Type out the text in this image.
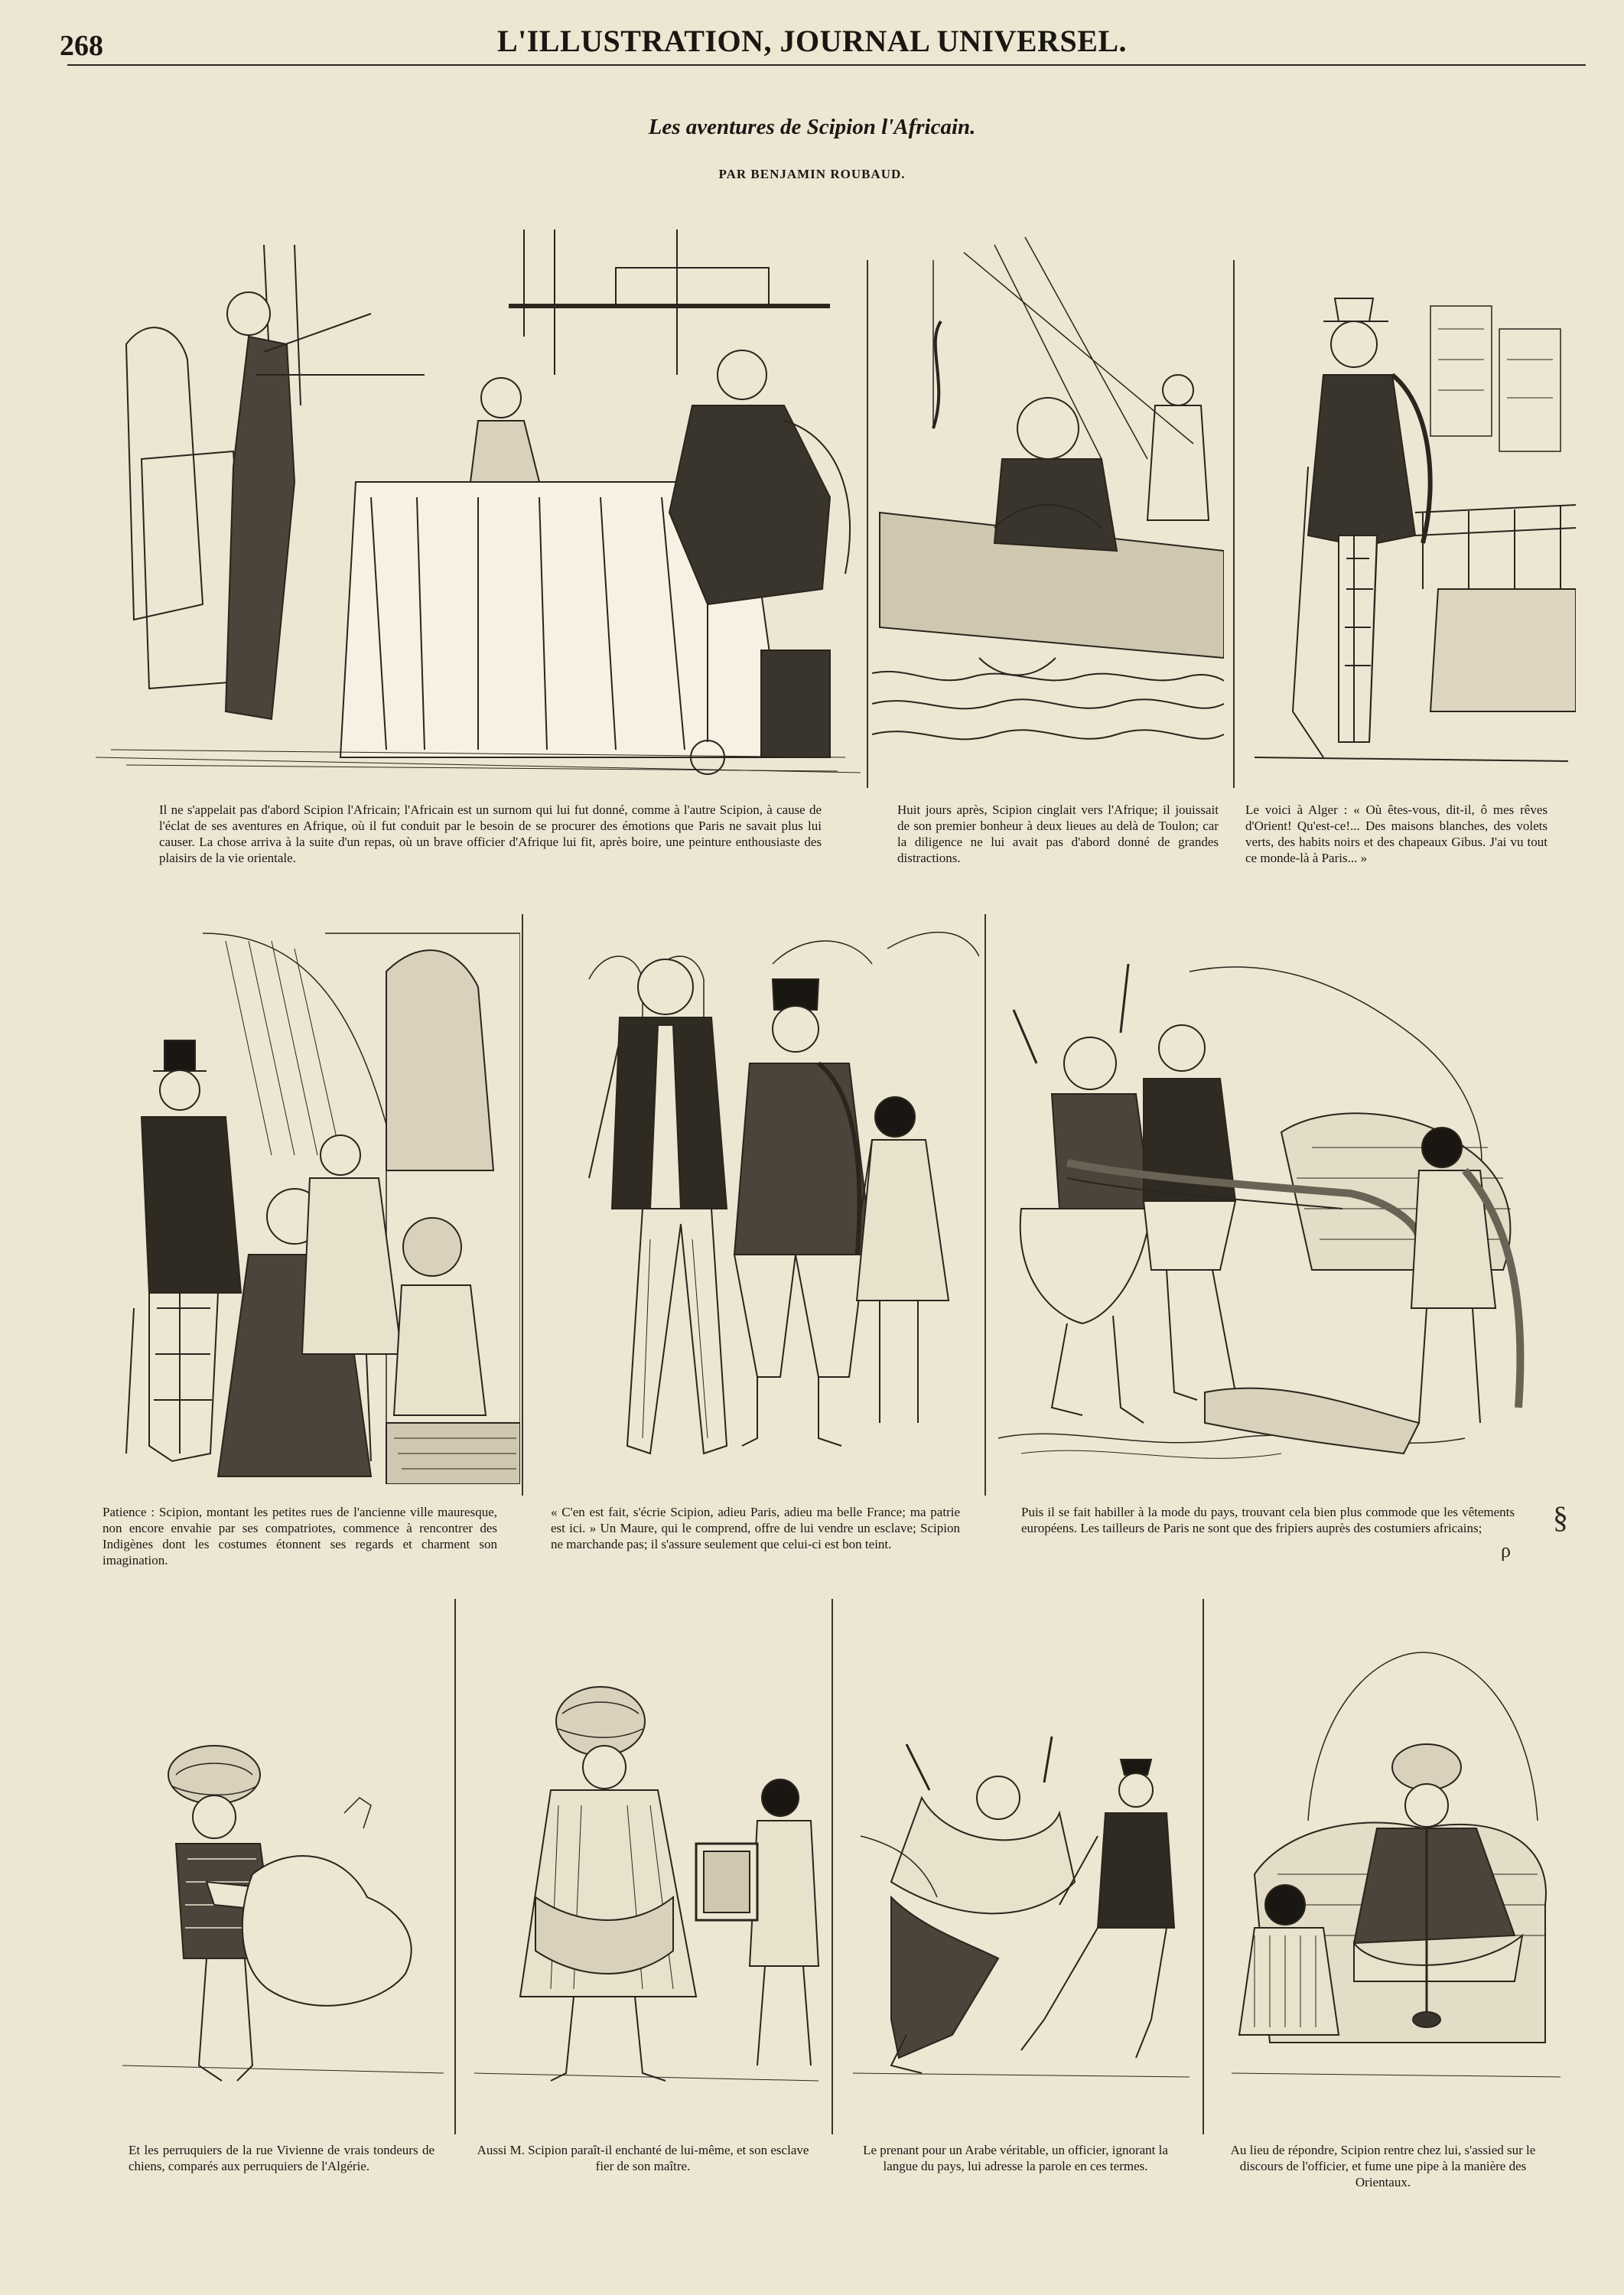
268	L'ILLUSTRATION, JOURNAL UNIVERSEL.
Les aventures de Scipion l'Africain.
PAR BENJAMIN ROUBAUD.
Il ne s'appelait pas d'abord Scipion l'Africain; l'Africain est un surnom qui lui fut donné, comme à l'autre Scipion, à cause de l'éclat de ses aventures en Afrique, où il fut conduit par le besoin de se procurer des émotions que Paris ne savait plus lui causer. La chose arriva à la suite d'un repas, où un brave officier d'Afrique lui fit, après boire, une peinture enthousiaste des plaisirs de la vie orientale.
Huit jours après, Scipion cinglait vers l'Afrique; il jouissait de son premier bonheur à deux lieues au delà de Toulon; car la diligence ne lui avait pas d'abord donné de grandes distractions.
Le voici à Alger : « Où êtes-vous, dit-il, ô mes rêves d'Orient! Qu'est-ce!... Des maisons blanches, des volets verts, des habits noirs et des chapeaux Gibus. J'ai vu tout ce monde-là à Paris... »
Patience : Scipion, montant les petites rues de l'ancienne ville mauresque, non encore envahie par ses compatriotes, commence à rencontrer des Indigènes dont les costumes étonnent ses regards et charment son imagination.
« C'en est fait, s'écrie Scipion, adieu Paris, adieu ma belle France; ma patrie est ici. » Un Maure, qui le comprend, offre de lui vendre un esclave; Scipion ne marchande pas; il s'assure seulement que celui-ci est bon teint.
Puis il se fait habiller à la mode du pays, trouvant cela bien plus commode que les vêtements européens. Les tailleurs de Paris ne sont que des fripiers auprès des costumiers africains;	§
ρ
Et les perruquiers de la rue Vivienne de vrais tondeurs de chiens, comparés aux perruquiers de l'Algérie.
Aussi M. Scipion paraît-il enchanté de lui-même, et son esclave fier de son maître.
Le prenant pour un Arabe véritable, un officier, ignorant la langue du pays, lui adresse la parole en ces termes.
Au lieu de répondre, Scipion rentre chez lui, s'assied sur le discours de l'officier, et fume une pipe à la manière des Orientaux.
